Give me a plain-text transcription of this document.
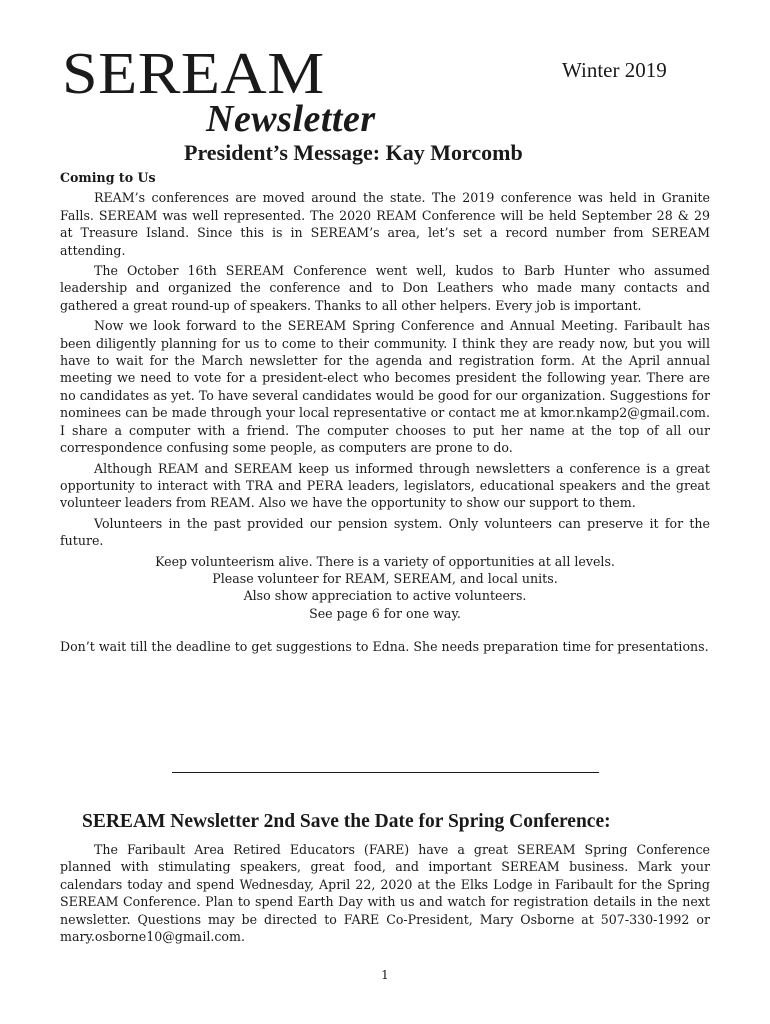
SEREAM
Newsletter
Winter 2019
President’s Message: Kay Morcomb

Coming to Us

REAM’s conferences are moved around the state. The 2019 conference was held in Granite Falls. SEREAM was well represented. The 2020 REAM Conference will be held September 28 & 29 at Treasure Island. Since this is in SEREAM’s area, let’s set a record number from SEREAM attending.

The October 16th SEREAM Conference went well, kudos to Barb Hunter who assumed leadership and organized the conference and to Don Leathers who made many contacts and gathered a great round-up of speakers. Thanks to all other helpers. Every job is important.

Now we look forward to the SEREAM Spring Conference and Annual Meeting. Faribault has been diligently planning for us to come to their community. I think they are ready now, but you will have to wait for the March newsletter for the agenda and registration form. At the April annual meeting we need to vote for a president-elect who becomes president the following year. There are no candidates as yet. To have several candidates would be good for our organization. Suggestions for nominees can be made through your local representative or contact me at kmor.nkamp2@gmail.com. I share a computer with a friend. The computer chooses to put her name at the top of all our correspondence confusing some people, as computers are prone to do.

Although REAM and SEREAM keep us informed through newsletters a conference is a great opportunity to interact with TRA and PERA leaders, legislators, educational speakers and the great volunteer leaders from REAM. Also we have the opportunity to show our support to them.

Volunteers in the past provided our pension system. Only volunteers can preserve it for the future.

Keep volunteerism alive. There is a variety of opportunities at all levels.
Please volunteer for REAM, SEREAM, and local units.
Also show appreciation to active volunteers.
See page 6 for one way.

Don’t wait till the deadline to get suggestions to Edna. She needs preparation time for presentations.

SEREAM Newsletter 2nd Save the Date for Spring Conference:

The Faribault Area Retired Educators (FARE) have a great SEREAM Spring Conference planned with stimulating speakers, great food, and important SEREAM business. Mark your calendars today and spend Wednesday, April 22, 2020 at the Elks Lodge in Faribault for the Spring SEREAM Conference. Plan to spend Earth Day with us and watch for registration details in the next newsletter. Questions may be directed to FARE Co-President, Mary Osborne at 507-330-1992 or mary.osborne10@gmail.com.

1
